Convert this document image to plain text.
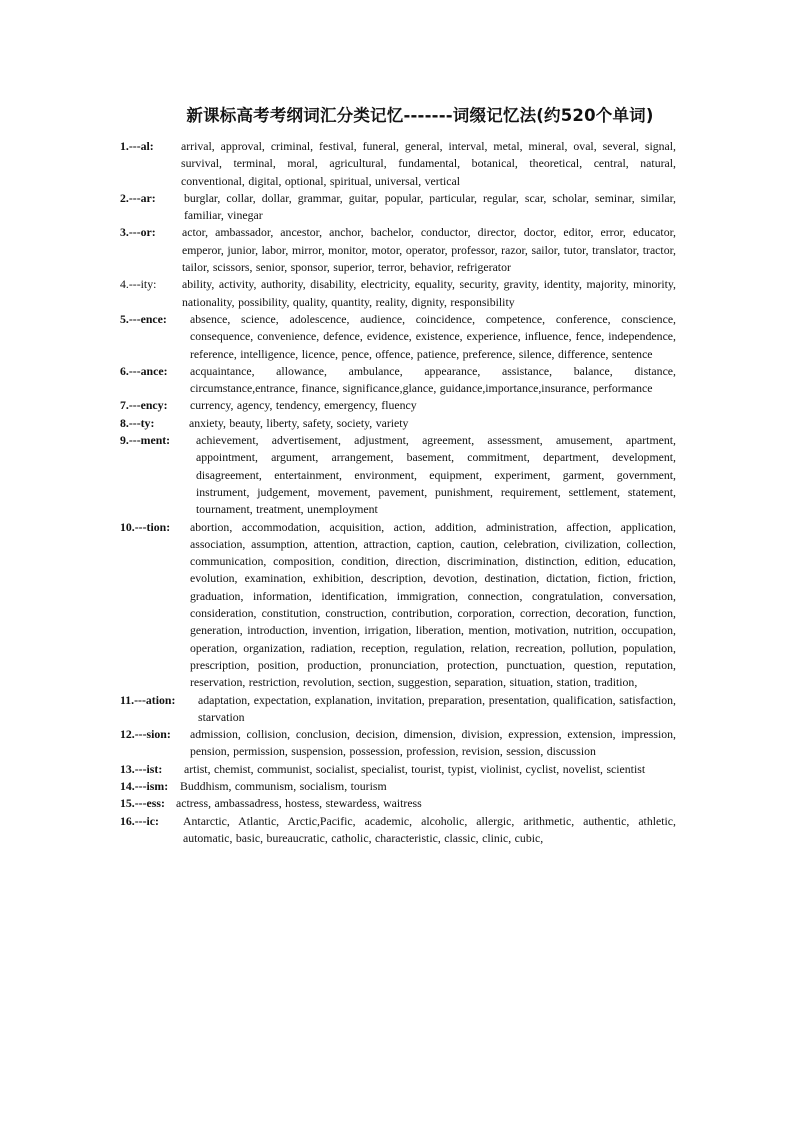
新课标高考考纲词汇分类记忆-------词缀记忆法(约520个单词)
1.---al:	arrival, approval, criminal, festival, funeral, general, interval, metal, mineral, oval, several, signal, survival, terminal, moral, agricultural, fundamental, botanical, theoretical, central, natural, conventional, digital, optional, spiritual, universal, vertical
2.---ar:	burglar, collar, dollar, grammar, guitar, popular, particular, regular, scar, scholar, seminar, similar, familiar, vinegar
3.---or:	actor, ambassador, ancestor, anchor, bachelor, conductor, director, doctor, editor, error, educator, emperor, junior, labor, mirror, monitor, motor, operator, professor, razor, sailor, tutor, translator, tractor, tailor, scissors, senior, sponsor, superior, terror, behavior, refrigerator
4.---ity:	ability, activity, authority, disability, electricity, equality, security, gravity, identity, majority, minority, nationality, possibility, quality, quantity, reality, dignity, responsibility
5.---ence:	absence, science, adolescence, audience, coincidence, competence, conference, conscience, consequence, convenience, defence, evidence, existence, experience, influence, fence, independence, reference, intelligence, licence, pence, offence, patience, preference, silence, difference, sentence
6.---ance:	acquaintance, allowance, ambulance, appearance, assistance, balance, distance, circumstance,entrance, finance, significance,glance, guidance,importance,insurance, performance
7.---ency:	currency, agency, tendency, emergency, fluency
8.---ty:	anxiety, beauty, liberty, safety, society, variety
9.---ment:	achievement, advertisement, adjustment, agreement, assessment, amusement, apartment, appointment, argument, arrangement, basement, commitment, department, development, disagreement, entertainment, environment, equipment, experiment, garment, government, instrument, judgement, movement, pavement, punishment, requirement, settlement, statement, tournament, treatment, unemployment
10.---tion:	abortion, accommodation, acquisition, action, addition, administration, affection, application, association, assumption, attention, attraction, caption, caution, celebration, civilization, collection, communication, composition, condition, direction, discrimination, distinction, edition, education, evolution, examination, exhibition, description, devotion, destination, dictation, fiction, friction, graduation, information, identification, immigration, connection, congratulation, conversation, consideration, constitution, construction, contribution, corporation, correction, decoration, function, generation, introduction, invention, irrigation, liberation, mention, motivation, nutrition, occupation, operation, organization, radiation, reception, regulation, relation, recreation, pollution, population, prescription, position, production, pronunciation, protection, punctuation, question, reputation, reservation, restriction, revolution, section, suggestion, separation, situation, station, tradition,
11.---ation:	adaptation, expectation, explanation, invitation, preparation, presentation, qualification, satisfaction, starvation
12.---sion:	admission, collision, conclusion, decision, dimension, division, expression, extension, impression, pension, permission, suspension, possession, profession, revision, session, discussion
13.---ist:	artist, chemist, communist, socialist, specialist, tourist, typist, violinist, cyclist, novelist, scientist
14.---ism:	Buddhism, communism, socialism, tourism
15.---ess: actress, ambassadress, hostess, stewardess, waitress
16.---ic:	Antarctic, Atlantic, Arctic,Pacific, academic, alcoholic, allergic, arithmetic, authentic, athletic, automatic, basic, bureaucratic, catholic, characteristic, classic, clinic, cubic,
